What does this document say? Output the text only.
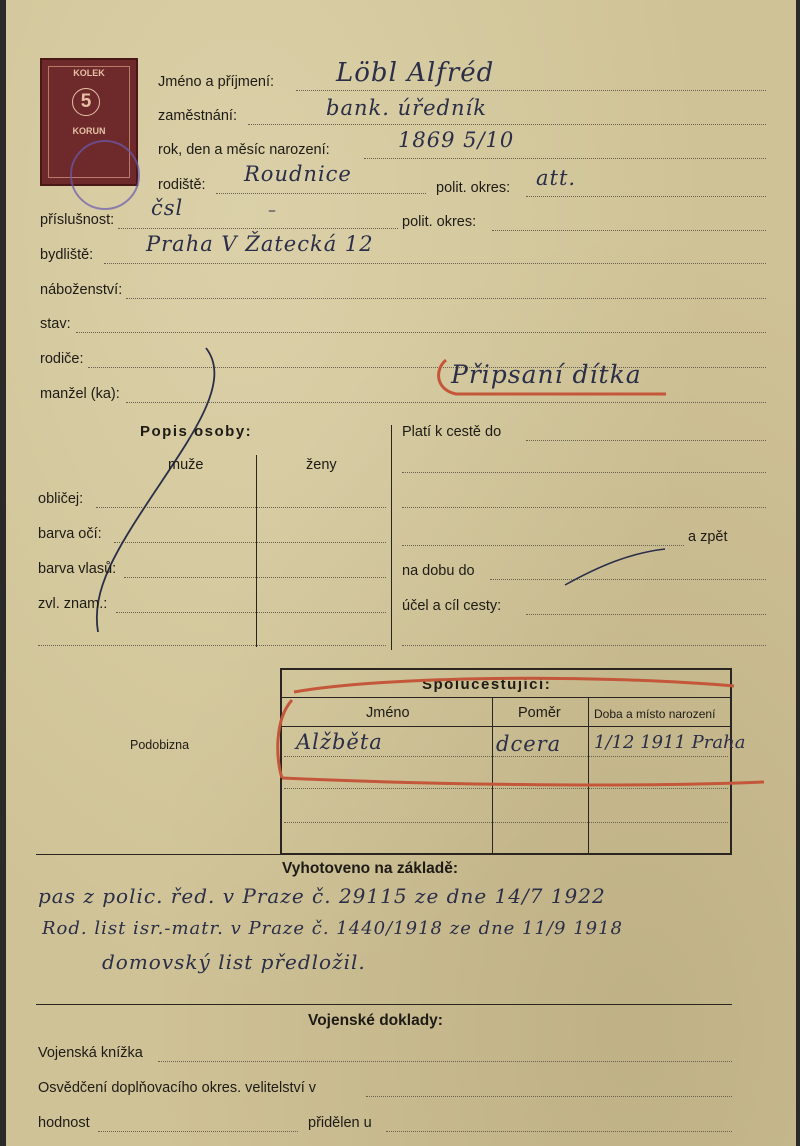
KOLEK
5
KORUN
Jméno a příjmení: Löbl Alfréd
zaměstnání:	bank. úředník
rok, den a měsíc narození:	1869 5/10
rodiště: Roudnice
polit. okres: att.
příslušnost: čsl	–
polit. okres:
bydliště:	Praha V Žatecká 12
náboženství:
stav:
rodiče:
manžel (ka):
Připsaní dítka
Popis osoby:
muže	ženy
obličej:
barva očí:
barva vlasů:
zvl. znam.:
Platí k cestě do
a zpět
na dobu do
účel a cíl cesty:
Podobizna
Spolucestující:
Jméno	Poměr	Doba a místo narození
Alžběta	dcera 1/12 1911 Praha
Vyhotoveno na základě:
pas z polic. řed. v Praze č. 29115 ze dne 14/7 1922
Rod. list isr.-matr. v Praze č. 1440/1918 ze dne 11/9 1918
domovský list předložil.
Vojenské doklady:
Vojenská knížka
Osvědčení doplňovacího okres. velitelství v
hodnost	přidělen u
